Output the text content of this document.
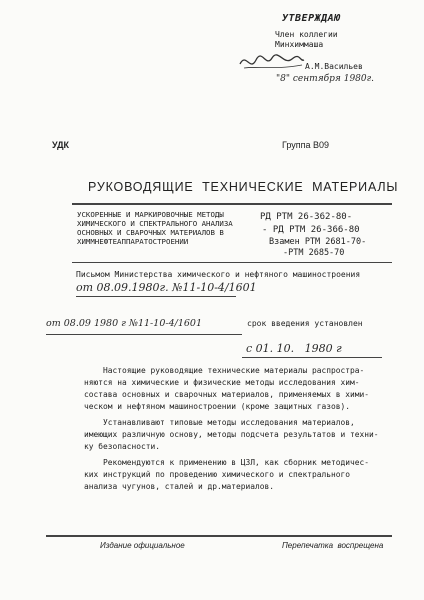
УТВЕРЖДАЮ
Член коллегии
Минхиммаша
А.М.Васильев
"8" сентября 1980г.
УДК	Группа В09
РУКОВОДЯЩИЕ  ТЕХНИЧЕСКИЕ  МАТЕРИАЛЫ
УСКОРЕННЫЕ И МАРКИРОВОЧНЫЕ МЕТОДЫ
ХИМИЧЕСКОГО И СПЕКТРАЛЬНОГО АНАЛИЗА
ОСНОВНЫХ И СВАРОЧНЫХ МАТЕРИАЛОВ В
ХИММНЕФТЕАППАРАТОСТРОЕНИИ
РД РТМ 26-362-80-
- РД РТМ 26-366-80
Взамен РТМ 2681-70-
-РТМ 2685-70
Письмом Министерства химического и нефтяного машиностроения
от 08.09.1980г. №11-10-4/1601
от 08.09 1980 г №11-10-4/1601	срок введения установлен
с 01. 10.   1980 г
Настоящие руководящие технические материалы распростра-
няются на химические и физические методы исследования хим-
состава основных и сварочных материалов, применяемых в хими-
ческом и нефтяном машиностроении (кроме защитных газов).
Устанавливают типовые методы исследования материалов,
имеющих различную основу, методы подсчета результатов и техни-
ку безопасности.
Рекомендуются к применению в ЦЗЛ, как сборник методичес-
ких инструкций по проведению химического и спектрального
анализа чугунов, сталей и др.материалов.
Издание официальное	Перепечатка  воспрещена
